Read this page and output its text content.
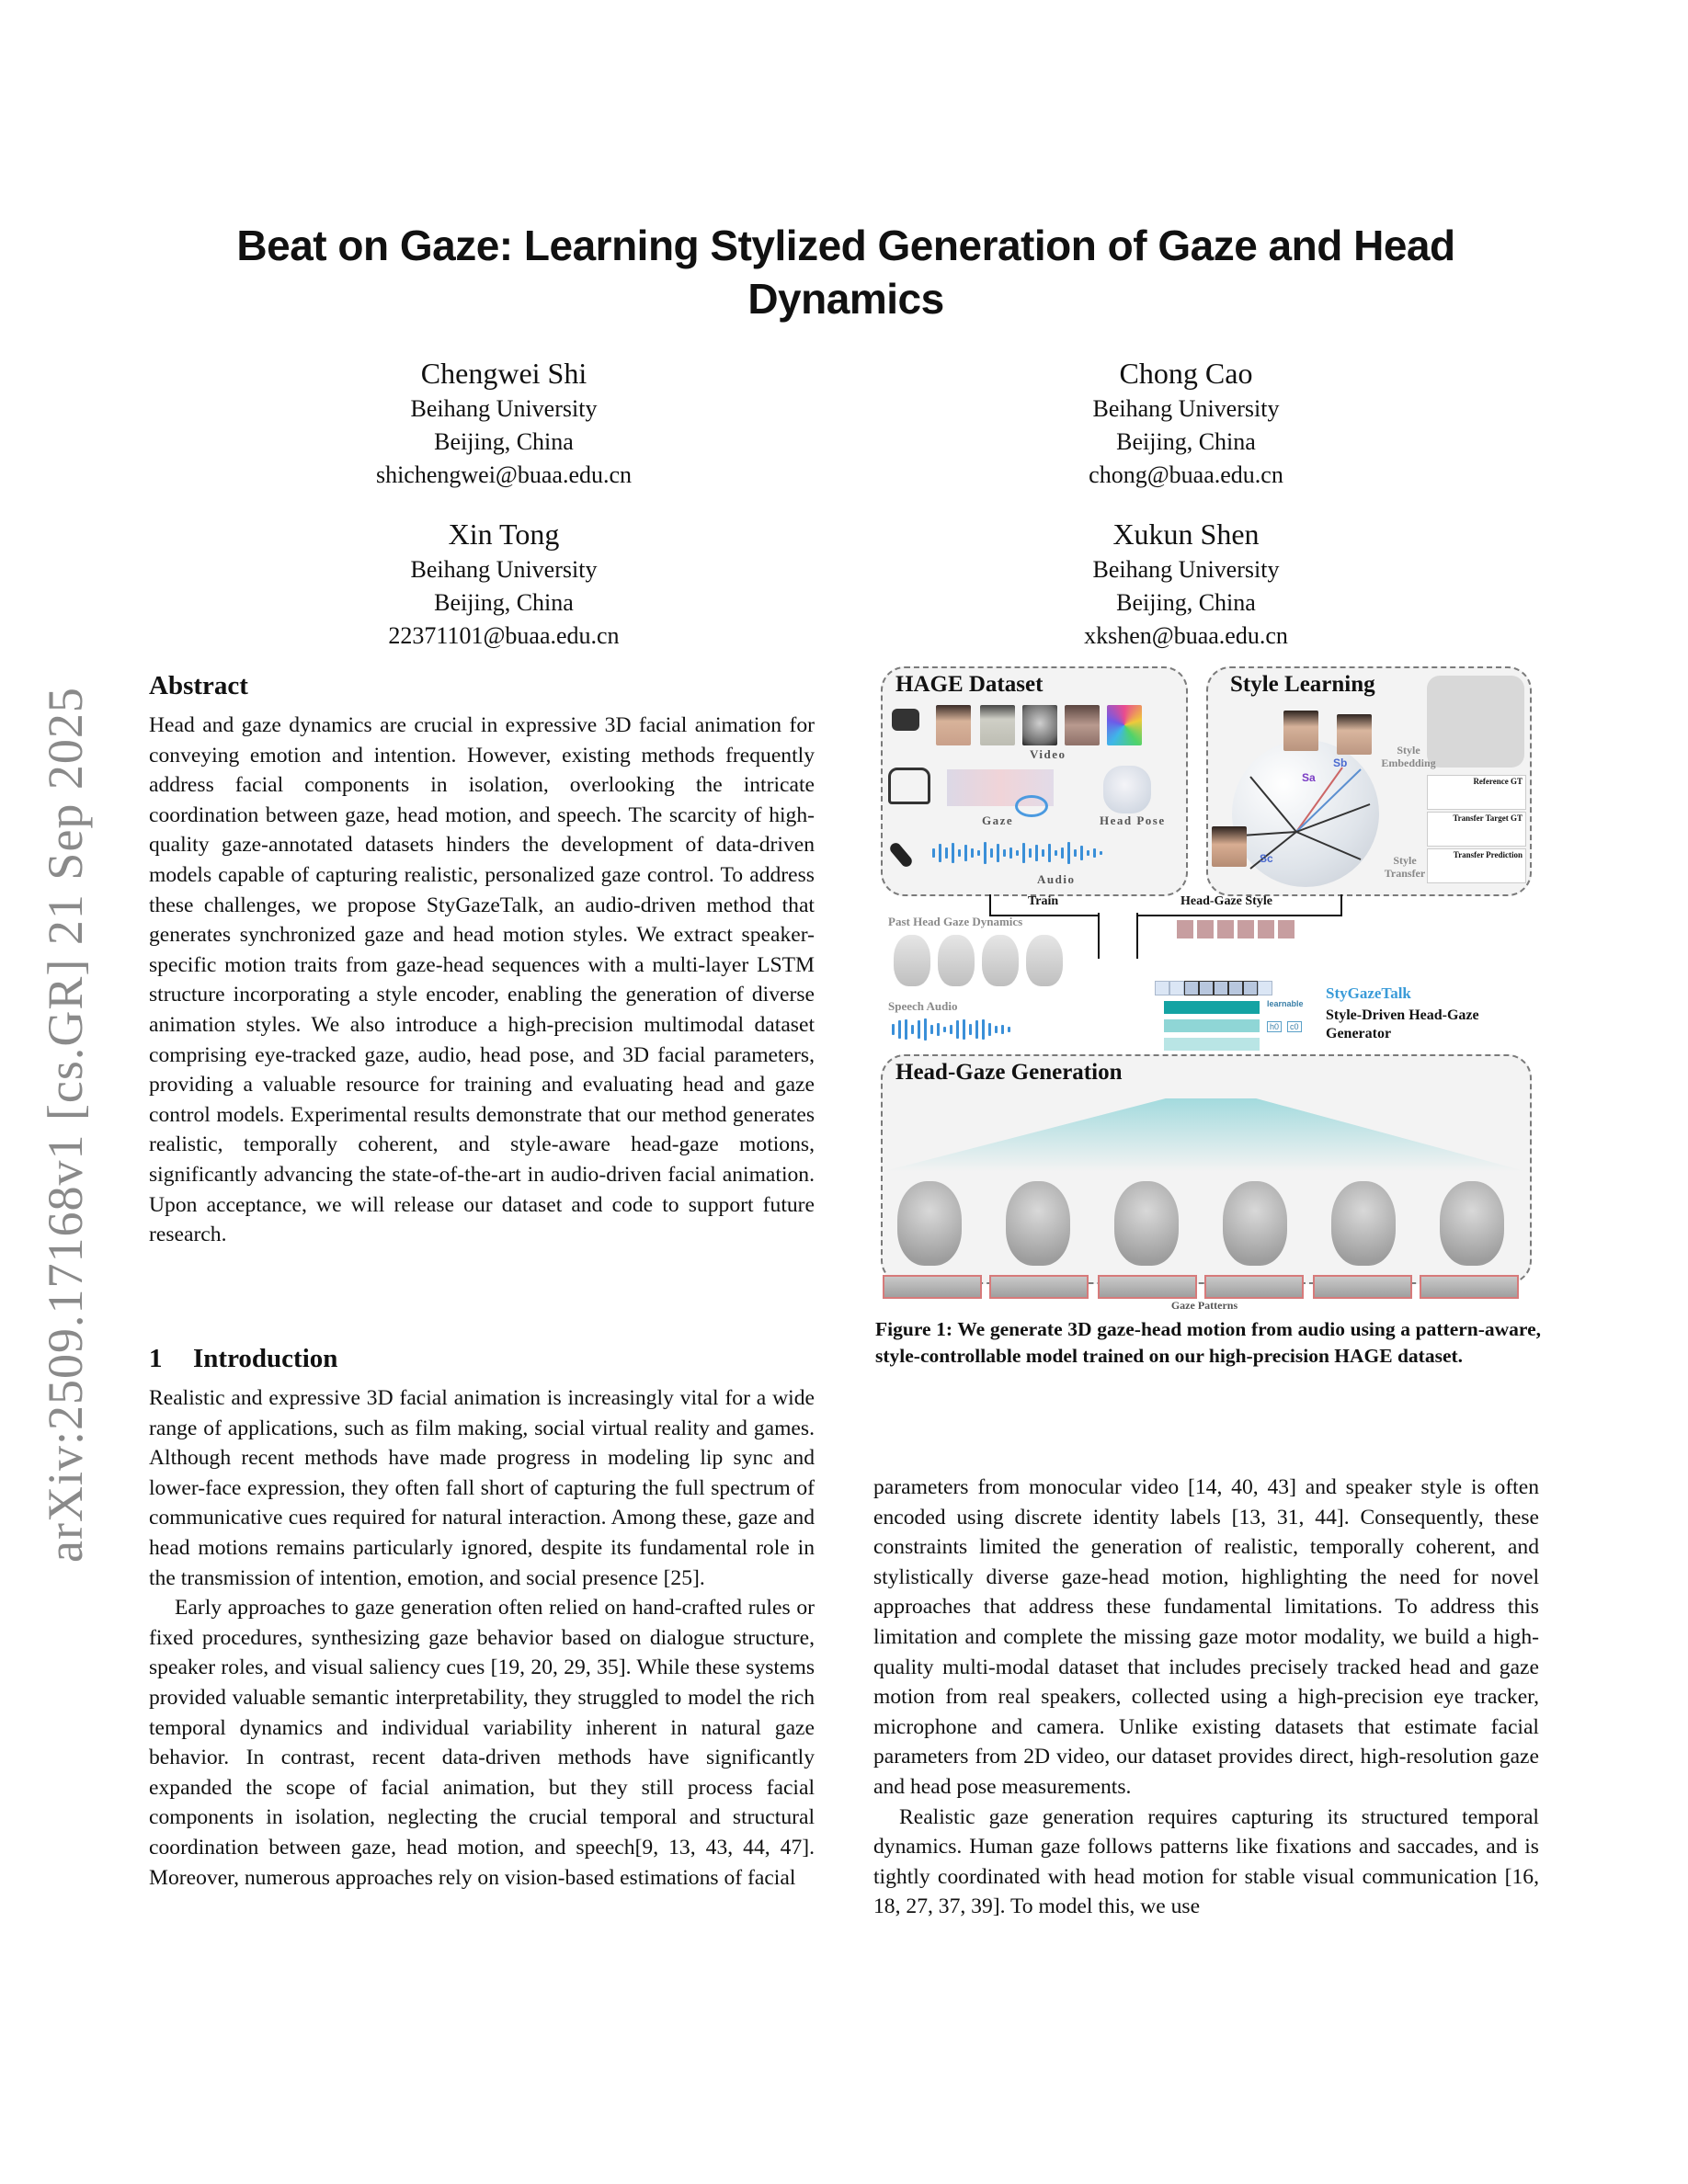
arXiv:2509.17168v1 [cs.GR] 21 Sep 2025
Beat on Gaze: Learning Stylized Generation of Gaze and Head Dynamics
Chengwei Shi
Beihang University
Beijing, China
shichengwei@buaa.edu.cn
Chong Cao
Beihang University
Beijing, China
chong@buaa.edu.cn
Xin Tong
Beihang University
Beijing, China
22371101@buaa.edu.cn
Xukun Shen
Beihang University
Beijing, China
xkshen@buaa.edu.cn
Abstract

Head and gaze dynamics are crucial in expressive 3D facial animation for conveying emotion and intention. However, existing methods frequently address facial components in isolation, overlooking the intricate coordination between gaze, head motion, and speech. The scarcity of high-quality gaze-annotated datasets hinders the development of data-driven models capable of capturing realistic, personalized gaze control. To address these challenges, we propose StyGazeTalk, an audio-driven method that generates synchronized gaze and head motion styles. We extract speaker-specific motion traits from gaze-head sequences with a multi-layer LSTM structure incorporating a style encoder, enabling the generation of diverse animation styles. We also introduce a high-precision multimodal dataset comprising eye-tracked gaze, audio, head pose, and 3D facial parameters, providing a valuable resource for training and evaluating head and gaze control models. Experimental results demonstrate that our method generates realistic, temporally coherent, and style-aware head-gaze motions, significantly advancing the state-of-the-art in audio-driven facial animation. Upon acceptance, we will release our dataset and code to support future research.

1 Introduction

Realistic and expressive 3D facial animation is increasingly vital for a wide range of applications, such as film making, social virtual reality and games. Although recent methods have made progress in modeling lip sync and lower-face expression, they often fall short of capturing the full spectrum of communicative cues required for natural interaction. Among these, gaze and head motions remains particularly ignored, despite its fundamental role in the transmission of intention, emotion, and social presence [25].

Early approaches to gaze generation often relied on hand-crafted rules or fixed procedures, synthesizing gaze behavior based on dialogue structure, speaker roles, and visual saliency cues [19, 20, 29, 35]. While these systems provided valuable semantic interpretability, they struggled to model the rich temporal dynamics and individual variability inherent in natural gaze behavior. In contrast, recent data-driven methods have significantly expanded the scope of facial animation, but they still process facial components in isolation, neglecting the crucial temporal and structural coordination between gaze, head motion, and speech[9, 13, 43, 44, 47]. Moreover, numerous approaches rely on vision-based estimations of facial

parameters from monocular video [14, 40, 43] and speaker style is often encoded using discrete identity labels [13, 31, 44]. Consequently, these constraints limited the generation of realistic, temporally coherent, and stylistically diverse gaze-head motion, highlighting the need for novel approaches that address these fundamental limitations. To address this limitation and complete the missing gaze motor modality, we build a high-quality multi-modal dataset that includes precisely tracked head and gaze motion from real speakers, collected using a high-precision eye tracker, microphone and camera. Unlike existing datasets that estimate facial parameters from 2D video, our dataset provides direct, high-resolution gaze and head pose measurements.

Realistic gaze generation requires capturing its structured temporal dynamics. Human gaze follows patterns like fixations and saccades, and is tightly coordinated with head motion for stable visual communication [16, 18, 27, 37, 39]. To model this, we use

HAGE Dataset
Video
Gaze	Head Pose
Audio
Style Learning
Sa
Sb
Sc
Style Embedding
Reference GT
Transfer Target GT
Transfer Prediction
Style Transfer
Train	Head-Gaze Style
Past Head Gaze Dynamics
Speech Audio	learnable
h0	c0
StyGazeTalk
Style-Driven Head-Gaze Generator
Head-Gaze Generation
Gaze Patterns
Figure 1: We generate 3D gaze-head motion from audio using a pattern-aware, style-controllable model trained on our high-precision HAGE dataset.
